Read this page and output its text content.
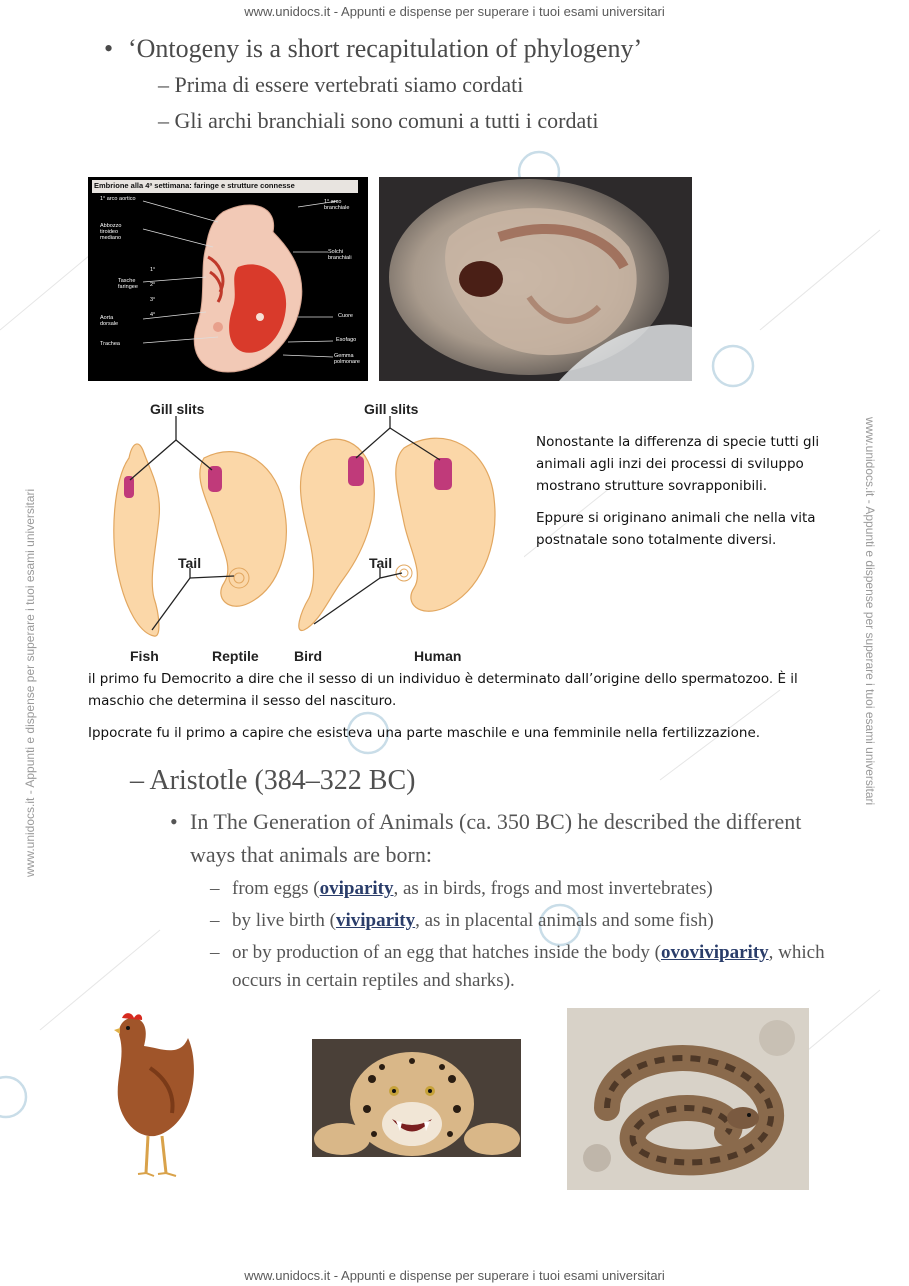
www.unidocs.it - Appunti e dispense per superare i tuoi esami universitari
www.unidocs.it - Appunti e dispense per superare i tuoi esami universitari
www.unidocs.it - Appunti e dispense per superare i tuoi esami universitari	www.unidocs.it - Appunti e dispense per superare i tuoi esami universitari
• ‘Ontogeny is a short recapitulation of phylogeny’
– Prima di essere vertebrati siamo cordati
– Gli archi branchiali sono comuni a tutti i cordati
Embrione alla 4ª settimana: faringe e strutture connesse
1° arco aortico
Abbozzo tiroideo mediano
Tasche faringee
Aorta dorsale
Trachea
1° arco branchiale
Solchi branchiali
Cuore
Esofago
Gemma polmonare
1°
2°
3°
4°
Gill slits	Gill slits
Tail	Tail
Fish	Reptile	Bird	Human
Nonostante la differenza di specie tutti gli animali agli inzi dei processi di sviluppo mostrano strutture sovrapponibili.
Eppure si originano animali che nella vita postnatale sono totalmente diversi.
il primo fu Democrito a dire che il sesso di un individuo è determinato dall’origine dello spermatozoo. È il maschio che determina il sesso del nascituro.
Ippocrate fu il primo a capire che esisteva una parte maschile e una femminile nella fertilizzazione.
– Aristotle (384–322 BC)
• In The Generation of Animals (ca. 350 BC) he described the different ways that animals are born:
– from eggs (oviparity, as in birds, frogs and most invertebrates)
– by live birth (viviparity, as in placental animals and some fish)
– or by production of an egg that hatches inside the body (ovoviviparity, which occurs in certain reptiles and sharks).
